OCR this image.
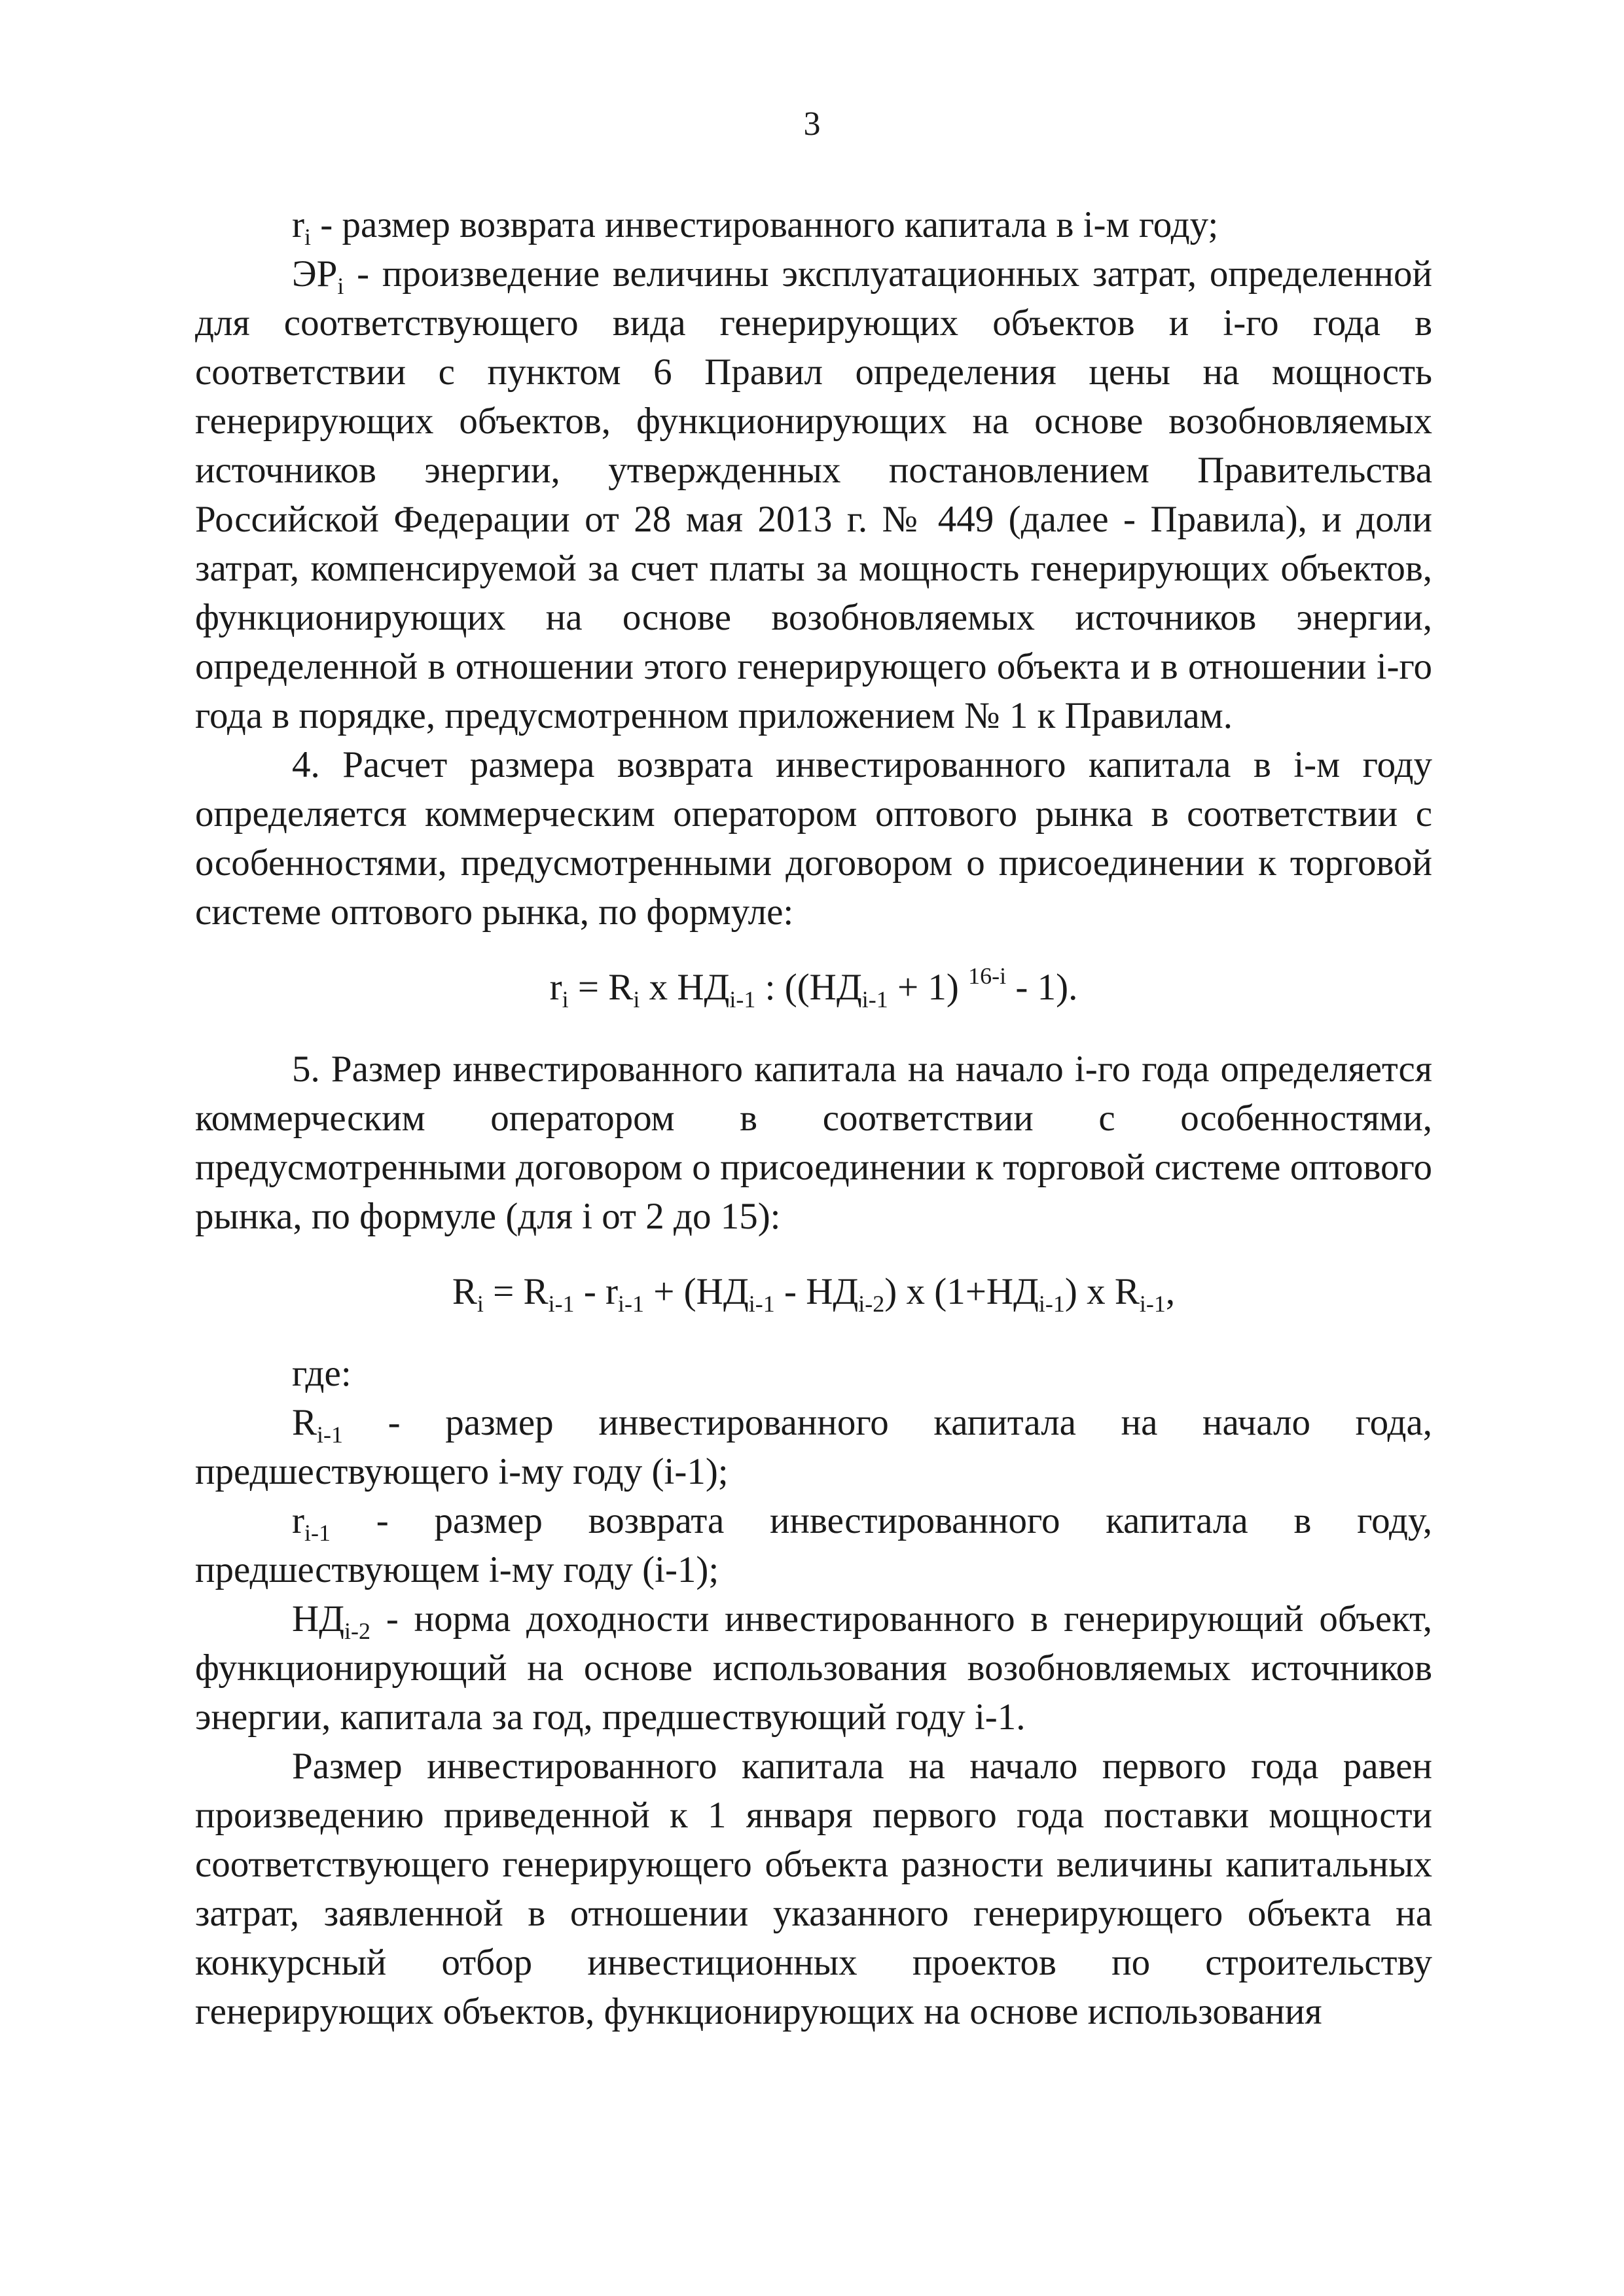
3

$r_i$ - размер возврата инвестированного капитала в i-м году;

$ЭР_i$ - произведение величины эксплуатационных затрат, определенной для соответствующего вида генерирующих объектов и i-го года в соответствии с пунктом 6 Правил определения цены на мощность генерирующих объектов, функционирующих на основе возобновляемых источников энергии, утвержденных постановлением Правительства Российской Федерации от 28 мая 2013 г. № 449 (далее - Правила), и доли затрат, компенсируемой за счет платы за мощность генерирующих объектов, функционирующих на основе возобновляемых источников энергии, определенной в отношении этого генерирующего объекта и в отношении i-го года в порядке, предусмотренном приложением № 1 к Правилам.

4. Расчет размера возврата инвестированного капитала в i-м году определяется коммерческим оператором оптового рынка в соответствии с особенностями, предусмотренными договором о присоединении к торговой системе оптового рынка, по формуле:

$r_i = R_i$ x $НД_{i-1}$ : ($(НД_{i-1} + 1)$ $^{16-i}$ - 1).

5. Размер инвестированного капитала на начало i-го года определяется коммерческим оператором в соответствии с особенностями, предусмотренными договором о присоединении к торговой системе оптового рынка, по формуле (для i от 2 до 15):

$R_i = R_{i-1} - r_{i-1} + (НД_{i-1} - НД_{i-2})$ x $(1+НД_{i-1})$ x $R_{i-1}$,

где:

$R_{i-1}$ - размер инвестированного капитала на начало года, предшествующего i-му году (i-1);

$r_{i-1}$ - размер возврата инвестированного капитала в году, предшествующем i-му году (i-1);

$НД_{i-2}$ - норма доходности инвестированного в генерирующий объект, функционирующий на основе использования возобновляемых источников энергии, капитала за год, предшествующий году i-1.

Размер инвестированного капитала на начало первого года равен произведению приведенной к 1 января первого года поставки мощности соответствующего генерирующего объекта разности величины капитальных затрат, заявленной в отношении указанного генерирующего объекта на конкурсный отбор инвестиционных проектов по строительству генерирующих объектов, функционирующих на основе использования
